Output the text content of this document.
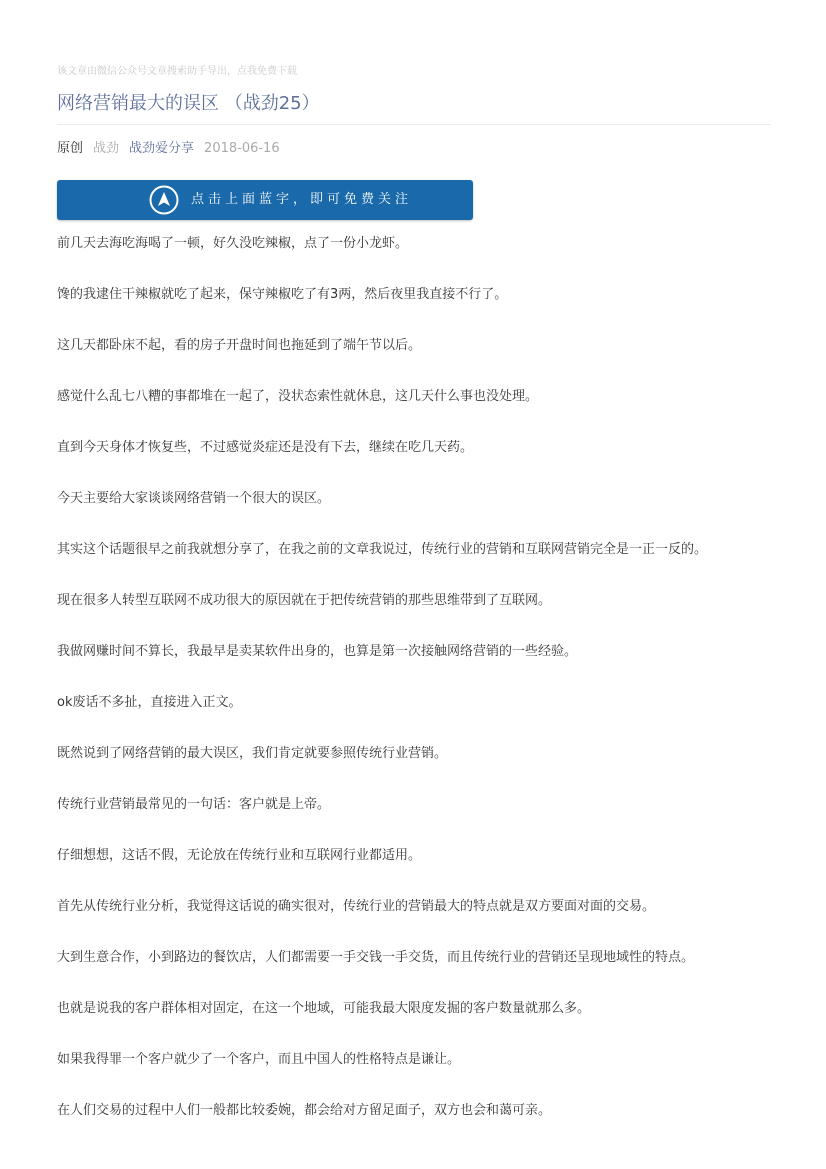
该文章由微信公众号文章搜索助手导出，点我免费下载
网络营销最大的误区 （战劲25）
原创 战劲 战劲爱分享 2018-06-16
点击上面蓝字，即可免费关注

前几天去海吃海喝了一顿，好久没吃辣椒，点了一份小龙虾。

馋的我逮住干辣椒就吃了起来，保守辣椒吃了有3两，然后夜里我直接不行了。

这几天都卧床不起，看的房子开盘时间也拖延到了端午节以后。

感觉什么乱七八糟的事都堆在一起了，没状态索性就休息，这几天什么事也没处理。

直到今天身体才恢复些，不过感觉炎症还是没有下去，继续在吃几天药。

今天主要给大家谈谈网络营销一个很大的误区。

其实这个话题很早之前我就想分享了，在我之前的文章我说过，传统行业的营销和互联网营销完全是一正一反的。

现在很多人转型互联网不成功很大的原因就在于把传统营销的那些思维带到了互联网。

我做网赚时间不算长，我最早是卖某软件出身的，也算是第一次接触网络营销的一些经验。

ok废话不多扯，直接进入正文。

既然说到了网络营销的最大误区，我们肯定就要参照传统行业营销。

传统行业营销最常见的一句话：客户就是上帝。

仔细想想，这话不假，无论放在传统行业和互联网行业都适用。

首先从传统行业分析，我觉得这话说的确实很对，传统行业的营销最大的特点就是双方要面对面的交易。

大到生意合作，小到路边的餐饮店，人们都需要一手交钱一手交货，而且传统行业的营销还呈现地域性的特点。

也就是说我的客户群体相对固定，在这一个地域，可能我最大限度发掘的客户数量就那么多。

如果我得罪一个客户就少了一个客户，而且中国人的性格特点是谦让。

在人们交易的过程中人们一般都比较委婉，都会给对方留足面子，双方也会和蔼可亲。
